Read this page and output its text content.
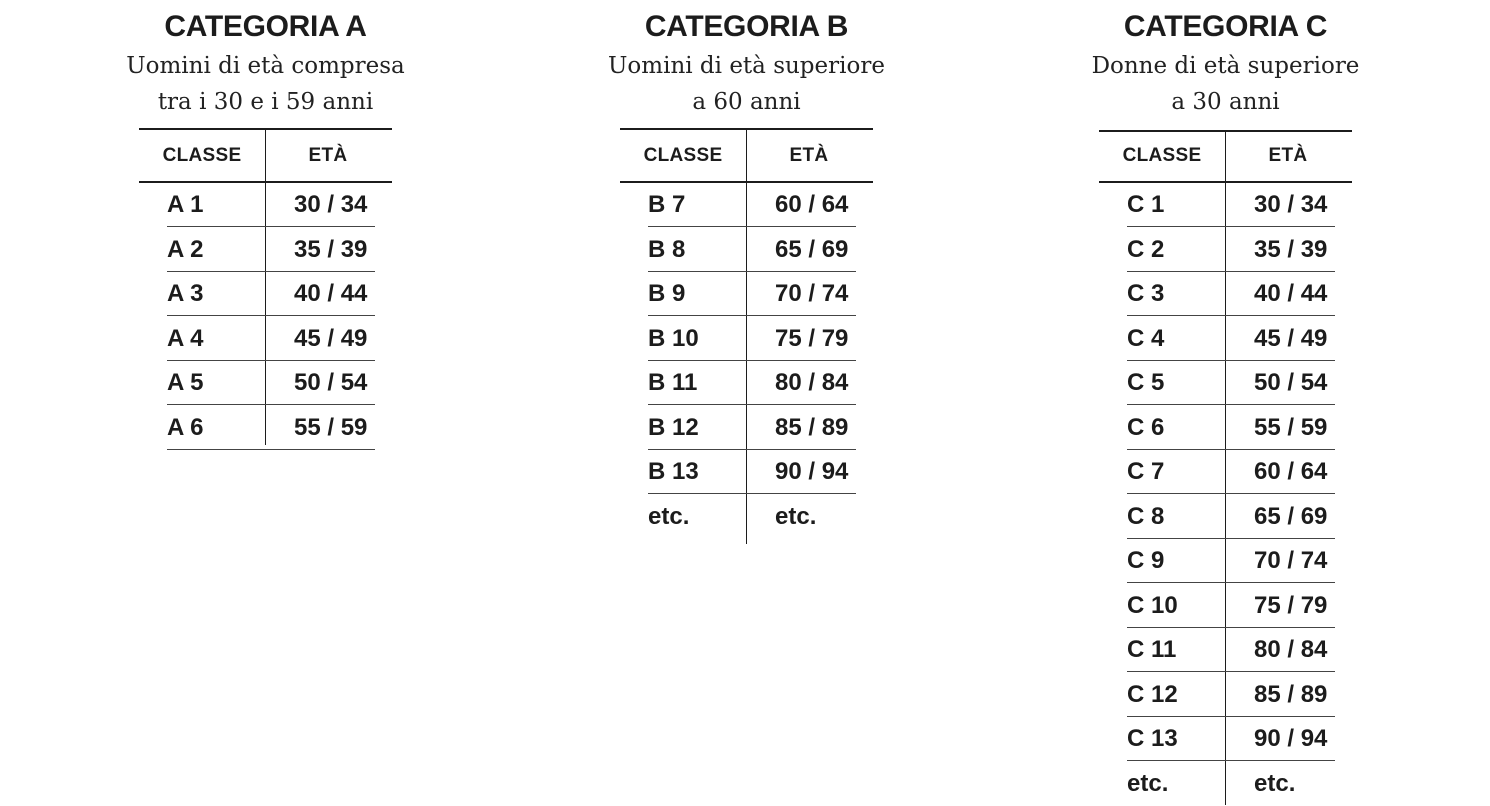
CATEGORIA A
Uomini di età compresa
tra i 30 e i 59 anni
CLASSE	ETÀ
A 1	30 / 34
A 2	35 / 39
A 3	40 / 44
A 4	45 / 49
A 5	50 / 54
A 6	55 / 59
CATEGORIA B
Uomini di età superiore
a 60 anni
CLASSE	ETÀ
B 7	60 / 64
B 8	65 / 69
B 9	70 / 74
B 10	75 / 79
B 11	80 / 84
B 12	85 / 89
B 13	90 / 94
etc.	etc.
CATEGORIA C
Donne di età superiore
a 30 anni
CLASSE	ETÀ
C 1	30 / 34
C 2	35 / 39
C 3	40 / 44
C 4	45 / 49
C 5	50 / 54
C 6	55 / 59
C 7	60 / 64
C 8	65 / 69
C 9	70 / 74
C 10	75 / 79
C 11	80 / 84
C 12	85 / 89
C 13	90 / 94
etc.	etc.
